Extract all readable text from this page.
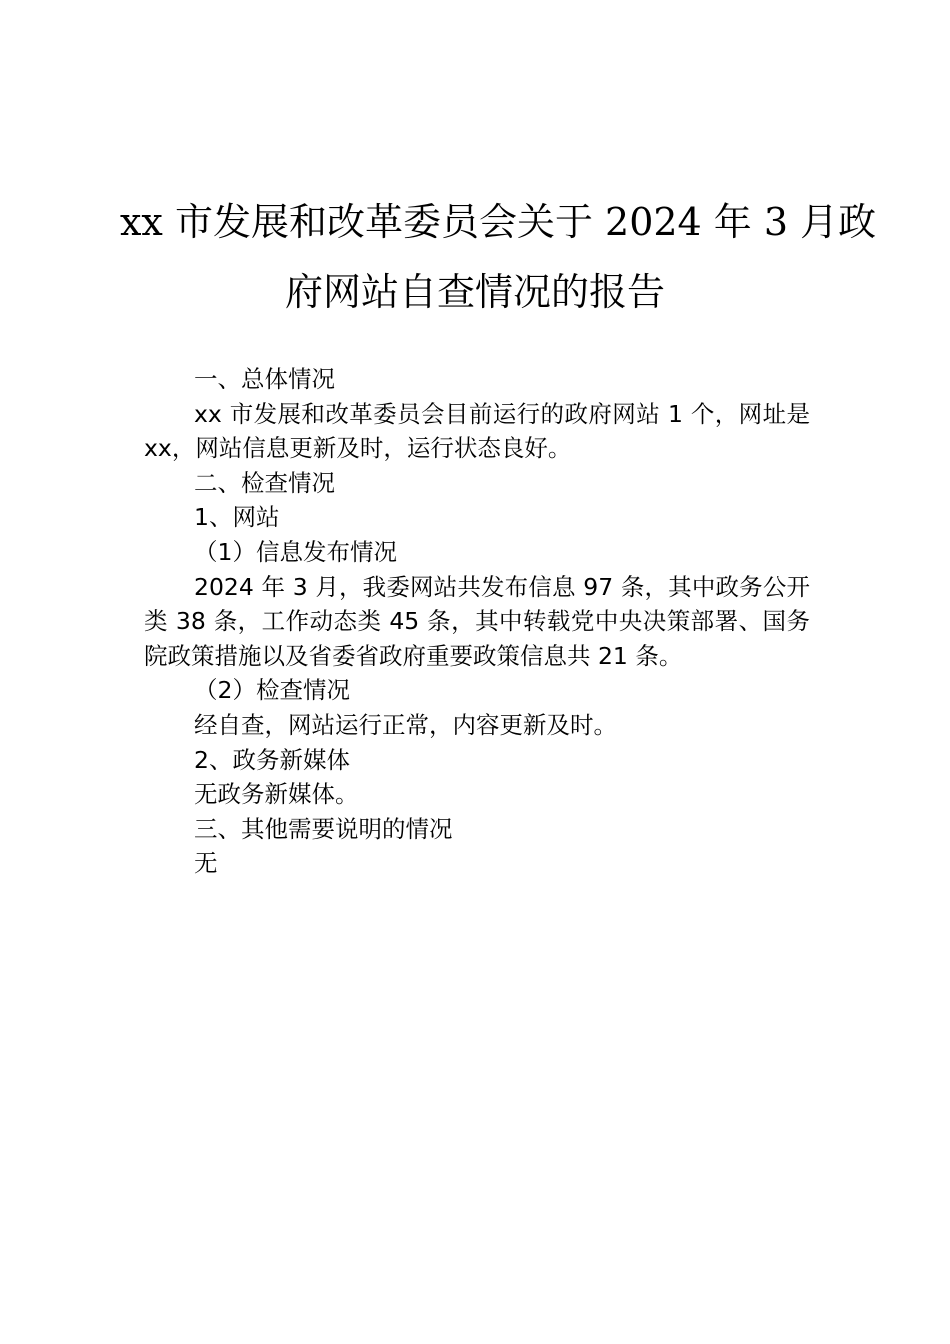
xx 市发展和改革委员会关于 2024 年 3 月政
府网站自查情况的报告

一、总体情况

xx 市发展和改革委员会目前运行的政府网站 1 个，网址是 xx，网站信息更新及时，运行状态良好。

二、检查情况

1、网站

（1）信息发布情况

2024 年 3 月，我委网站共发布信息 97 条，其中政务公开类 38 条，工作动态类 45 条，其中转载党中央决策部署、国务院政策措施以及省委省政府重要政策信息共 21 条。

（2）检查情况

经自查，网站运行正常，内容更新及时。

2、政务新媒体

无政务新媒体。

三、其他需要说明的情况

无
